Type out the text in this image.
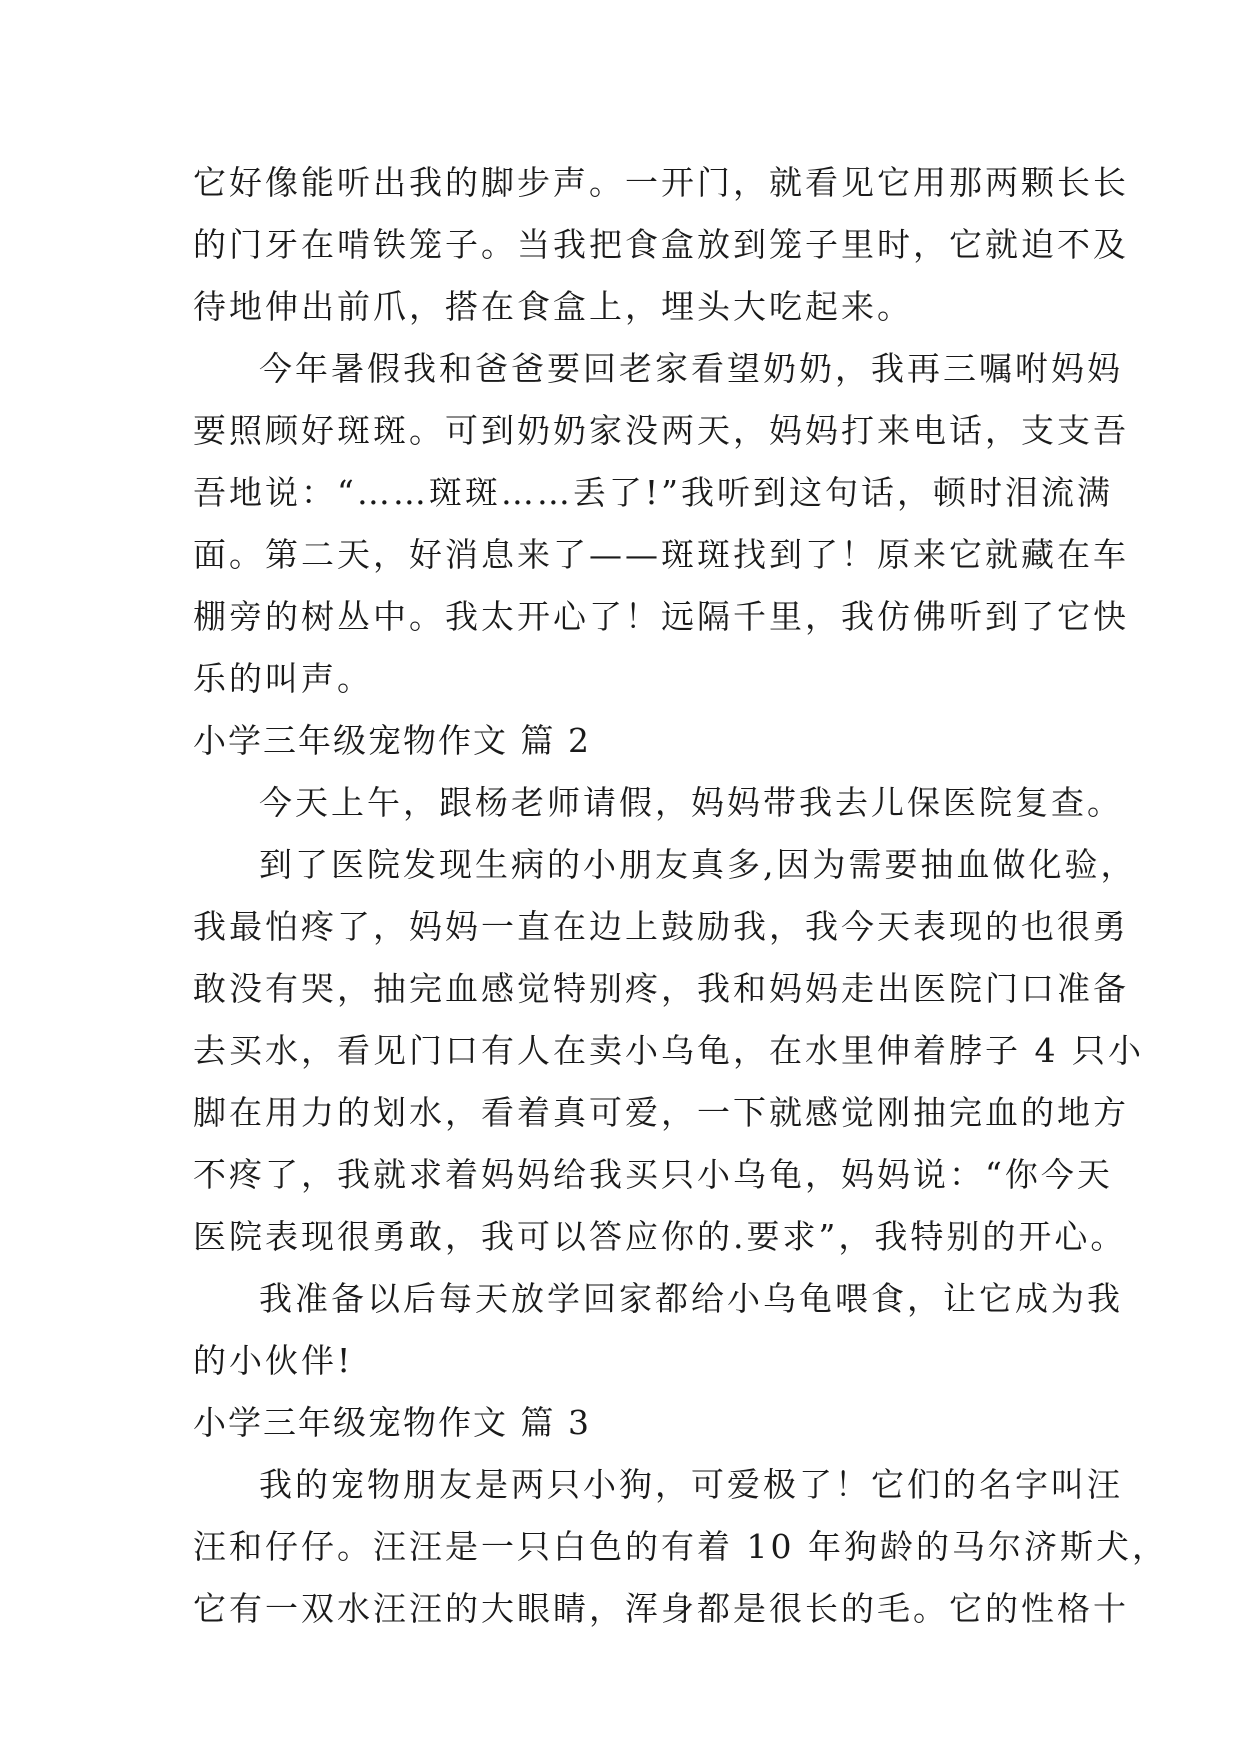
它好像能听出我的脚步声。一开门，就看见它用那两颗长长
的门牙在啃铁笼子。当我把食盒放到笼子里时，它就迫不及
待地伸出前爪，搭在食盒上，埋头大吃起来。
今年暑假我和爸爸要回老家看望奶奶，我再三嘱咐妈妈
要照顾好斑斑。可到奶奶家没两天，妈妈打来电话，支支吾
吾地说：“……斑斑……丢了!”我听到这句话，顿时泪流满
面。第二天，好消息来了——斑斑找到了！原来它就藏在车
棚旁的树丛中。我太开心了！远隔千里，我仿佛听到了它快
乐的叫声。
小学三年级宠物作文 篇 2
今天上午，跟杨老师请假，妈妈带我去儿保医院复查。
到了医院发现生病的小朋友真多,因为需要抽血做化验，
我最怕疼了，妈妈一直在边上鼓励我，我今天表现的也很勇
敢没有哭，抽完血感觉特别疼，我和妈妈走出医院门口准备
去买水，看见门口有人在卖小乌龟，在水里伸着脖子 4 只小
脚在用力的划水，看着真可爱，一下就感觉刚抽完血的地方
不疼了，我就求着妈妈给我买只小乌龟，妈妈说：“你今天
医院表现很勇敢，我可以答应你的.要求”，我特别的开心。
我准备以后每天放学回家都给小乌龟喂食，让它成为我
的小伙伴!
小学三年级宠物作文 篇 3
我的宠物朋友是两只小狗，可爱极了！它们的名字叫汪
汪和仔仔。汪汪是一只白色的有着 10 年狗龄的马尔济斯犬，
它有一双水汪汪的大眼睛，浑身都是很长的毛。它的性格十
